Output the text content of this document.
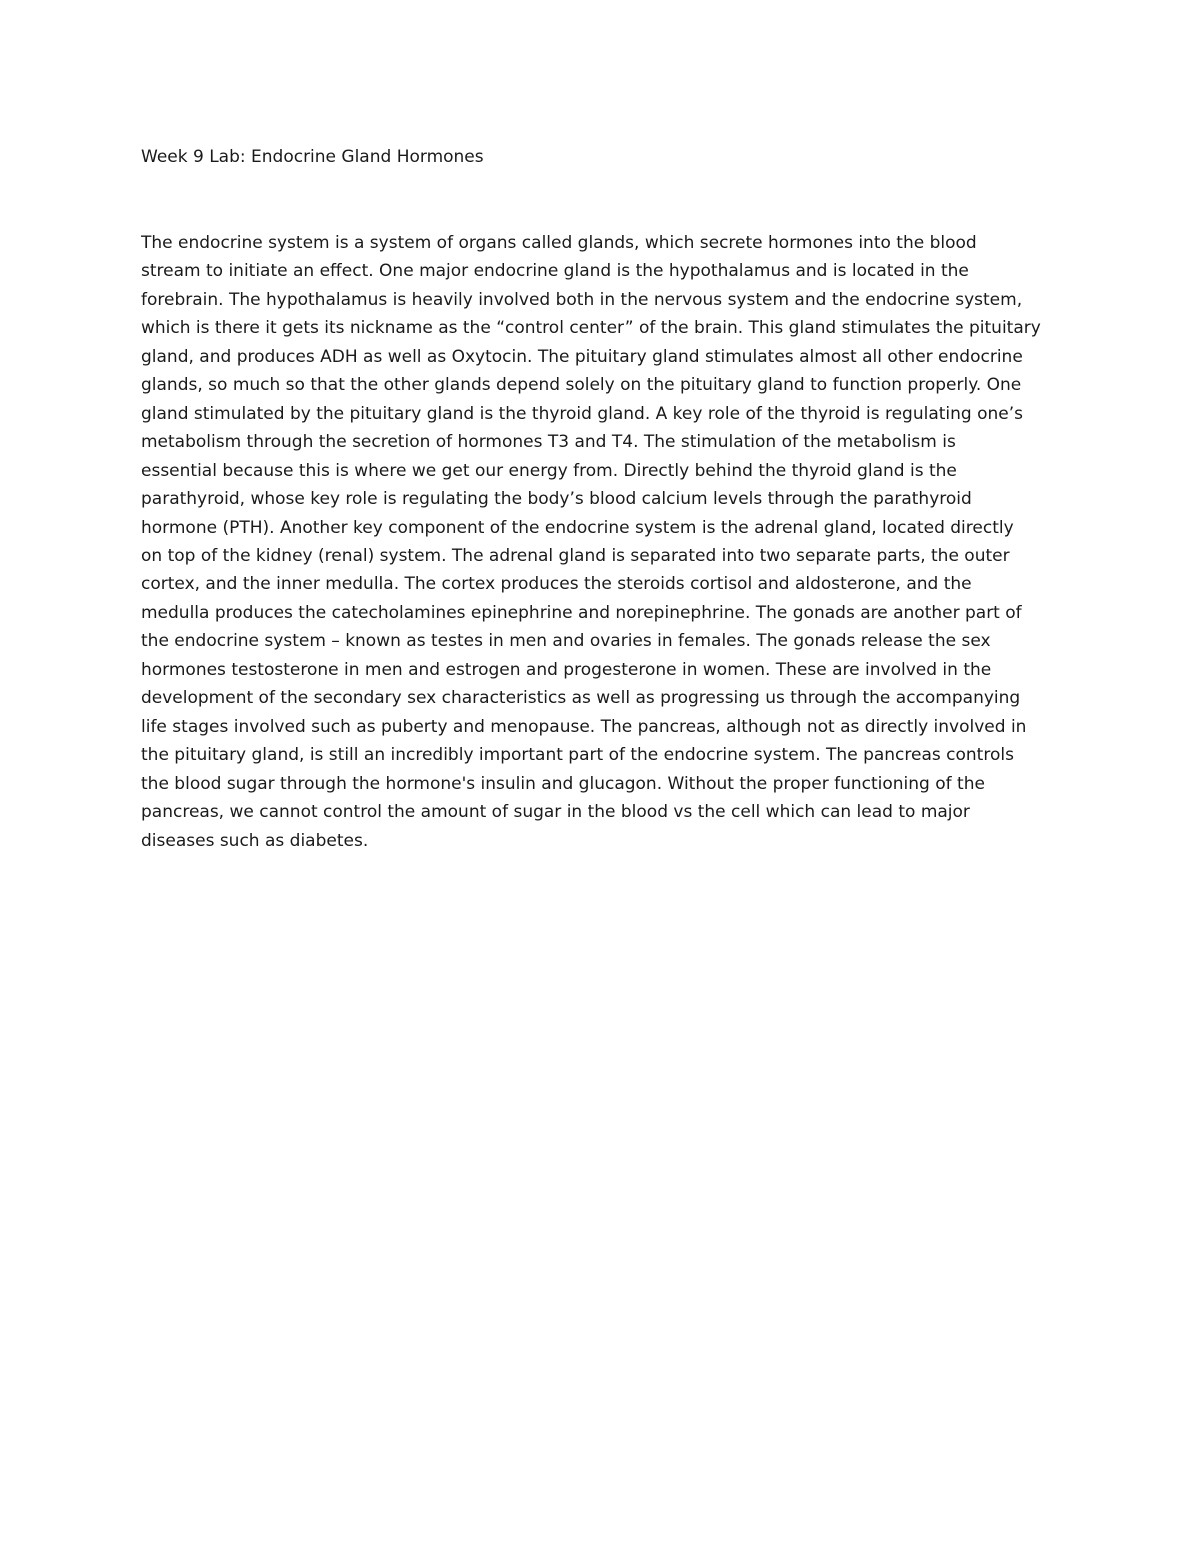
Week 9 Lab: Endocrine Gland Hormones
The endocrine system is a system of organs called glands, which secrete hormones into the blood
stream to initiate an effect. One major endocrine gland is the hypothalamus and is located in the
forebrain. The hypothalamus is heavily involved both in the nervous system and the endocrine system,
which is there it gets its nickname as the “control center” of the brain. This gland stimulates the pituitary
gland, and produces ADH as well as Oxytocin. The pituitary gland stimulates almost all other endocrine
glands, so much so that the other glands depend solely on the pituitary gland to function properly. One
gland stimulated by the pituitary gland is the thyroid gland. A key role of the thyroid is regulating one’s
metabolism through the secretion of hormones T3 and T4. The stimulation of the metabolism is
essential because this is where we get our energy from. Directly behind the thyroid gland is the
parathyroid, whose key role is regulating the body’s blood calcium levels through the parathyroid
hormone (PTH). Another key component of the endocrine system is the adrenal gland, located directly
on top of the kidney (renal) system. The adrenal gland is separated into two separate parts, the outer
cortex, and the inner medulla. The cortex produces the steroids cortisol and aldosterone, and the
medulla produces the catecholamines epinephrine and norepinephrine. The gonads are another part of
the endocrine system – known as testes in men and ovaries in females. The gonads release the sex
hormones testosterone in men and estrogen and progesterone in women. These are involved in the
development of the secondary sex characteristics as well as progressing us through the accompanying
life stages involved such as puberty and menopause. The pancreas, although not as directly involved in
the pituitary gland, is still an incredibly important part of the endocrine system. The pancreas controls
the blood sugar through the hormone's insulin and glucagon. Without the proper functioning of the
pancreas, we cannot control the amount of sugar in the blood vs the cell which can lead to major
diseases such as diabetes.
